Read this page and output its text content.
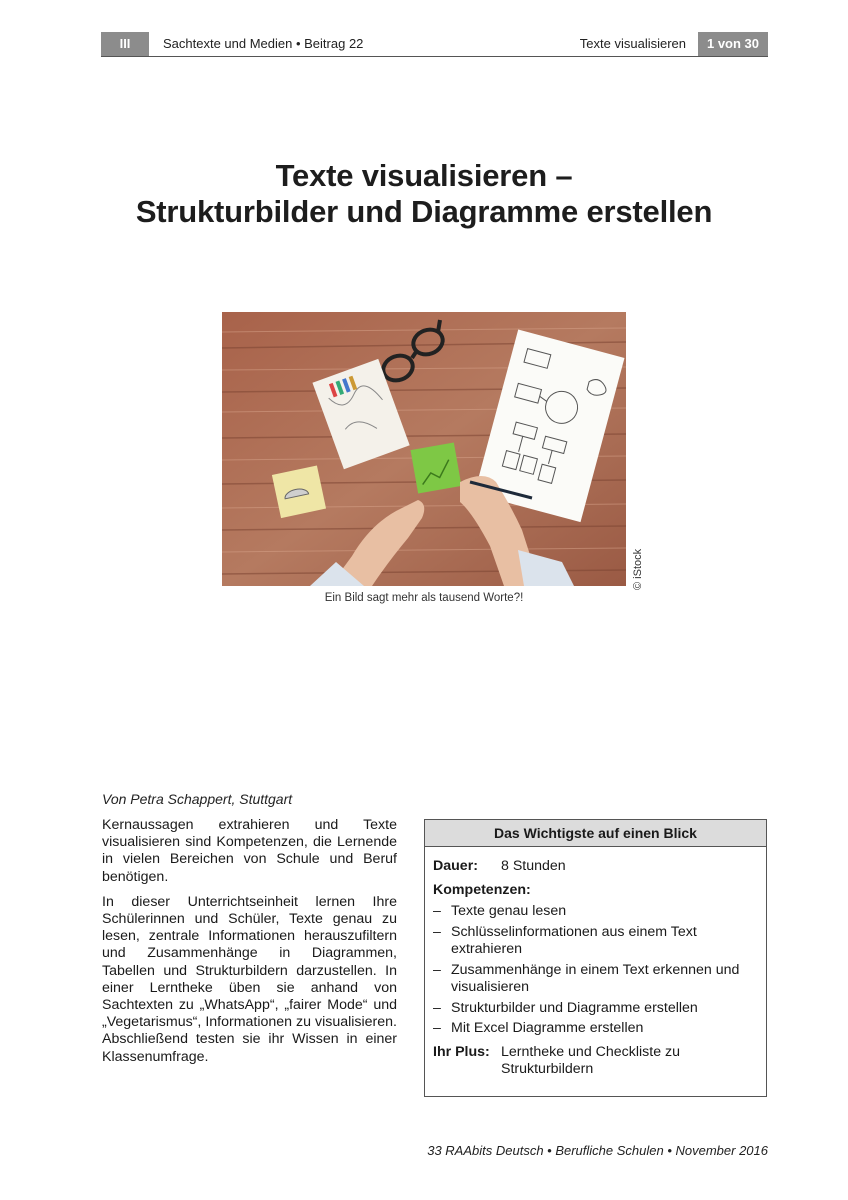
III	Sachtexte und Medien • Beitrag 22	Texte visualisieren	1 von 30
Texte visualisieren –
Strukturbilder und Diagramme erstellen
© iStock
Ein Bild sagt mehr als tausend Worte?!
Von Petra Schappert, Stuttgart

Kernaussagen extrahieren und Texte visualisieren sind Kompetenzen, die Lernende in vielen Bereichen von Schule und Beruf benötigen.

In dieser Unterrichtseinheit lernen Ihre Schülerinnen und Schüler, Texte genau zu lesen, zentrale Informationen herauszufiltern und Zusammenhänge in Diagrammen, Tabellen und Strukturbildern darzustellen. In einer Lerntheke üben sie anhand von Sachtexten zu „WhatsApp“, „fairer Mode“ und „Vegetarismus“, Informationen zu visualisieren. Abschließend testen sie ihr Wissen in einer Klassenumfrage.

Das Wichtigste auf einen Blick
Dauer:	8 Stunden
Kompetenzen:
– Texte genau lesen
– Schlüsselinformationen aus einem Text extrahieren
– Zusammenhänge in einem Text erkennen und visualisieren
– Strukturbilder und Diagramme erstellen
– Mit Excel Diagramme erstellen
Ihr Plus: Lerntheke und Checkliste zu Strukturbildern
33 RAAbits Deutsch • Berufliche Schulen • November 2016
